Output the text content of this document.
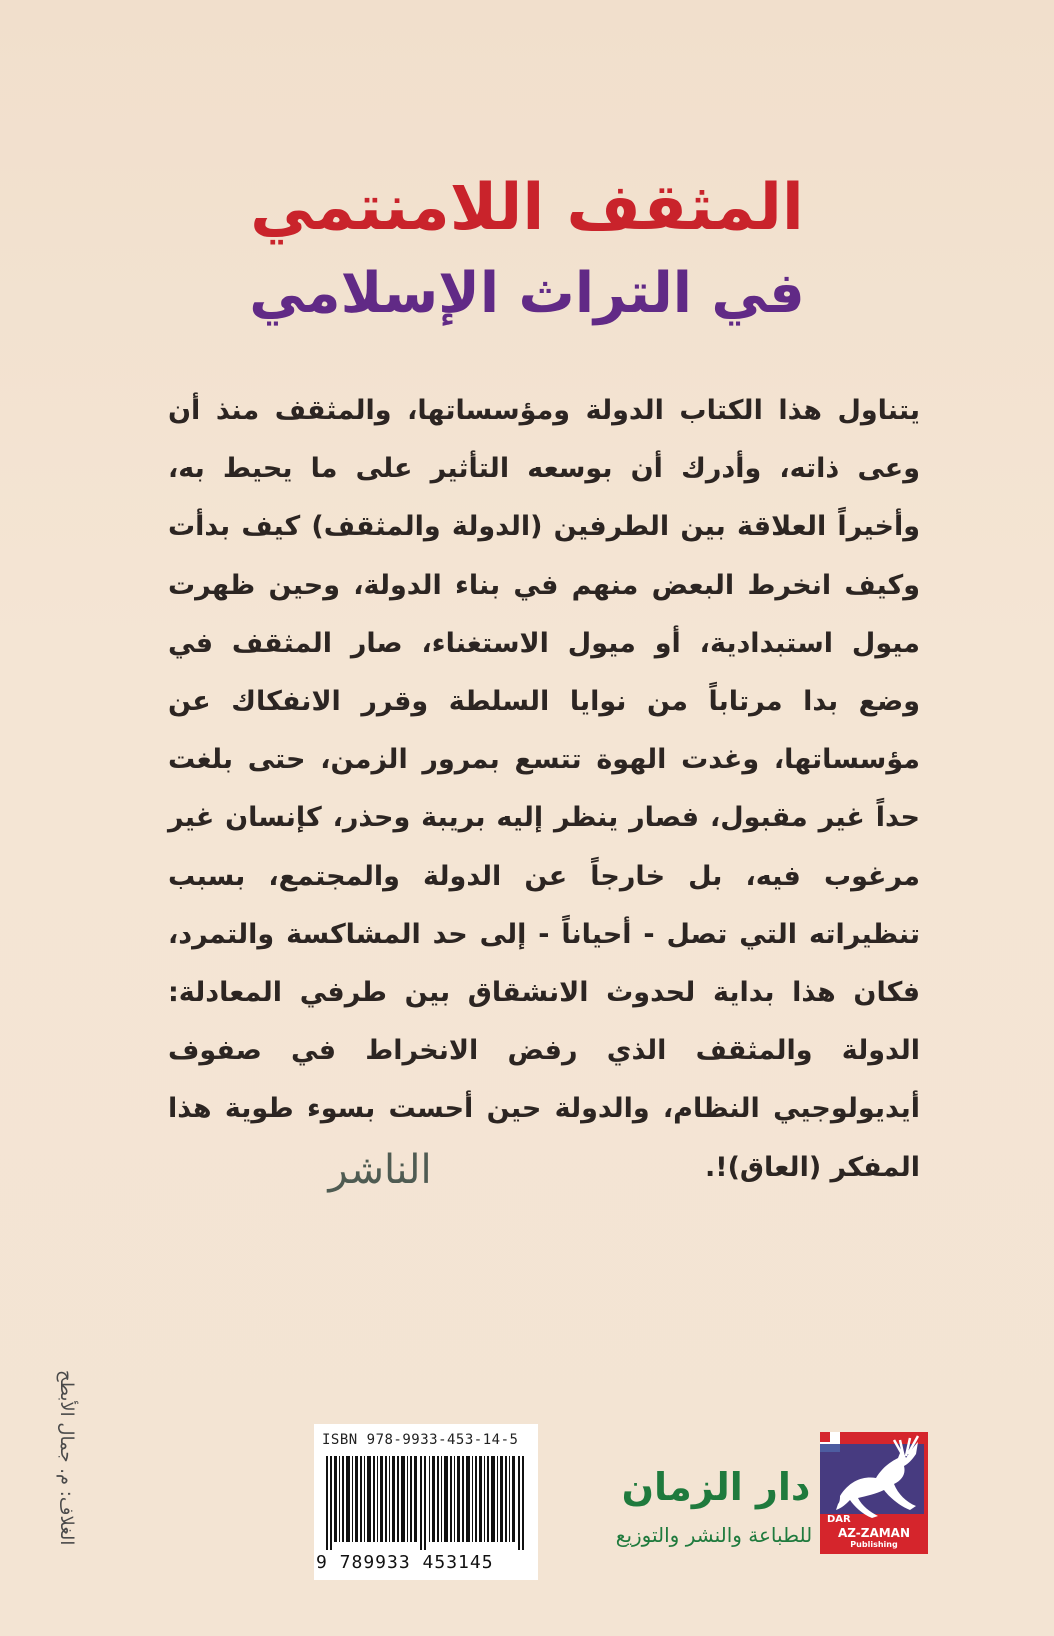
المثقف اللامنتمي
في التراث الإسلامي
يتناول هذا الكتاب الدولة ومؤسساتها، والمثقف منذ أن وعى ذاته، وأدرك أن بوسعه التأثير على ما يحيط به، وأخيراً العلاقة بين الطرفين (الدولة والمثقف) كيف بدأت وكيف انخرط البعض منهم في بناء الدولة، وحين ظهرت ميول استبدادية، أو ميول الاستغناء، صار المثقف في وضع بدا مرتاباً من نوايا السلطة وقرر الانفكاك عن مؤسساتها، وغدت الهوة تتسع بمرور الزمن، حتى بلغت حداً غير مقبول، فصار ينظر إليه بريبة وحذر، كإنسان غير مرغوب فيه، بل خارجاً عن الدولة والمجتمع، بسبب تنظيراته التي تصل - أحياناً - إلى حد المشاكسة والتمرد، فكان هذا بداية لحدوث الانشقاق بين طرفي المعادلة: الدولة والمثقف الذي رفض الانخراط في صفوف أيديولوجيي النظام، والدولة حين أحست بسوء طوية هذا المفكر (العاق)!.
الناشر
الغلاف: م. جمال الأبطح	ISBN 978-9933-453-14-5
9 789933 453145
دار الزمان
للطباعة والنشر والتوزيع
DAR
AZ-ZAMAN
Publishing
